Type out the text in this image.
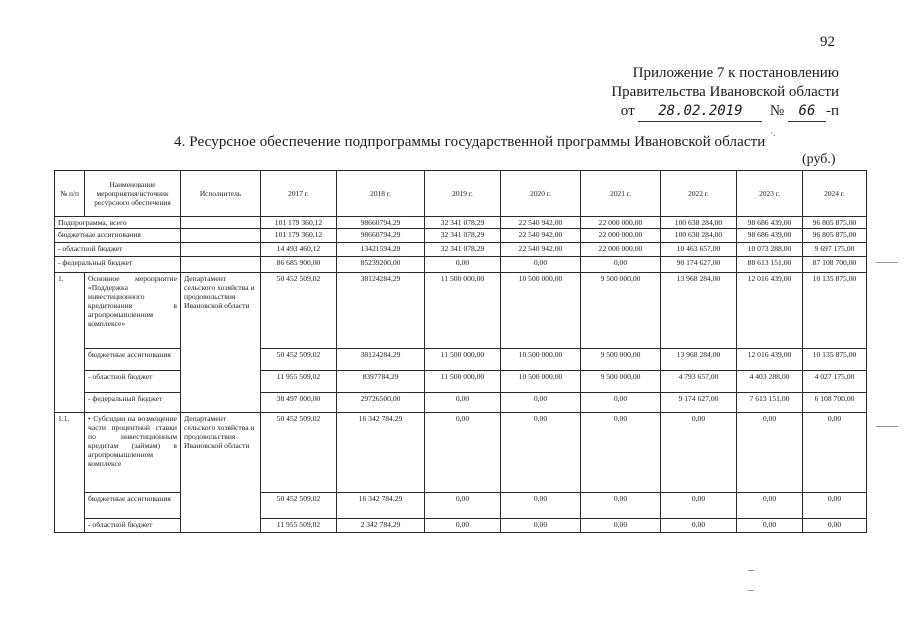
92
Приложение 7 к постановлению
Правительства Ивановской области
от 28.02.2019 № 66 -п
·.
4. Ресурсное обеспечение подпрограммы государственной программы Ивановской области
(руб.)
№ п/п	Наименование мероприятия/источник ресурсного обеспечения	Исполнитель	2017 г.	2018 г.	2019 г.	2020 г.	2021 г.	2022 г.	2023 г.	2024 г.
Подпрограмма, всего			101 179 360,12	98660794,29	32 341 078,29	22 540 942,00	22 000 000,00	100 638 284,00	98 686 439,00	96 805 875,00
бюджетные ассигнования			101 179 360,12	98660794,29	32 341 078,29	22 540 942,00	22 000 000,00	100 638 284,00	98 686 439,00	96 805 875,00
- областной бюджет			14 493 460,12	13421594,29	32 341 078,29	22 540 942,00	22 000 000,00	10 463 657,00	10 073 288,00	9 697 175,00
- федеральный бюджет			86 685 900,00	85239200,00	0,00	0,00	0,00	90 174 627,00	88 613 151,00	87 108 700,00
1.	Основное мероприятие «Поддержка инвестиционного кредитования в агропромышленном комплексе»	Департамент сельского хозяйства и продовольствия Ивановской области	50 452 509,02	38124284,29	11 500 000,00	10 500 000,00	9 500 000,00	13 968 284,00	12 016 439,00	10 135 875,00
	бюджетные ассигнования		50 452 509,02	38124284,29	11 500 000,00	10 500 000,00	9 500 000,00	13 968 284,00	12 016 439,00	10 135 875,00
	- областной бюджет		11 955 509,02	8397784,29	11 500 000,00	10 500 000,00	9 500 000,00	4 793 657,00	4 403 288,00	4 027 175,00
	- федеральный бюджет		38 497 000,00	29726500,00	0,00	0,00	0,00	9 174 627,00	7 613 151,00	6 108 700,00
1.1.	• Субсидии на возмещение части процентной ставки по инвестиционным кредитам (займам) в агропромышленном комплексе	Департамент сельского хозяйства и продовольствия Ивановской области	50 452 509,02	16 342 784,29	0,00	0,00	0,00	0,00	0,00	0,00
	бюджетные ассигнования		50 452 509,02	16 342 784,29	0,00	0,00	0,00	0,00	0,00	0,00
	- областной бюджет		11 955 509,02	2 342 784,29	0,00	0,00	0,00	0,00	0,00	0,00
